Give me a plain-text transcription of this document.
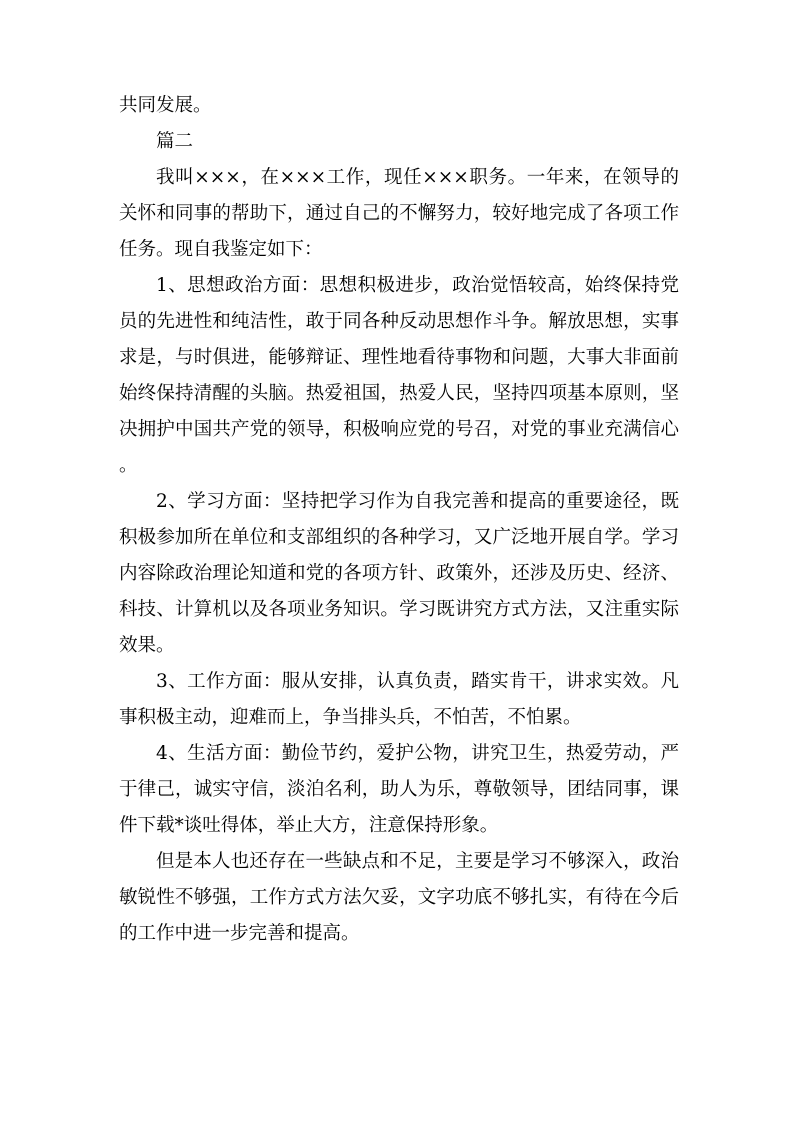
共同发展。

篇二

我叫×××，在×××工作，现任×××职务。一年来，在领导的关怀和同事的帮助下，通过自己的不懈努力，较好地完成了各项工作任务。现自我鉴定如下：

1、思想政治方面：思想积极进步，政治觉悟较高，始终保持党员的先进性和纯洁性，敢于同各种反动思想作斗争。解放思想，实事求是，与时俱进，能够辩证、理性地看待事物和问题，大事大非面前始终保持清醒的头脑。热爱祖国，热爱人民，坚持四项基本原则，坚决拥护中国共产党的领导，积极响应党的号召，对党的事业充满信心。

2、学习方面：坚持把学习作为自我完善和提高的重要途径，既积极参加所在单位和支部组织的各种学习，又广泛地开展自学。学习内容除政治理论知道和党的各项方针、政策外，还涉及历史、经济、科技、计算机以及各项业务知识。学习既讲究方式方法，又注重实际效果。

3、工作方面：服从安排，认真负责，踏实肯干，讲求实效。凡事积极主动，迎难而上，争当排头兵，不怕苦，不怕累。

4、生活方面：勤俭节约，爱护公物，讲究卫生，热爱劳动，严于律己，诚实守信，淡泊名利，助人为乐，尊敬领导，团结同事，课件下载*谈吐得体，举止大方，注意保持形象。

但是本人也还存在一些缺点和不足，主要是学习不够深入，政治敏锐性不够强，工作方式方法欠妥，文字功底不够扎实，有待在今后的工作中进一步完善和提高。
